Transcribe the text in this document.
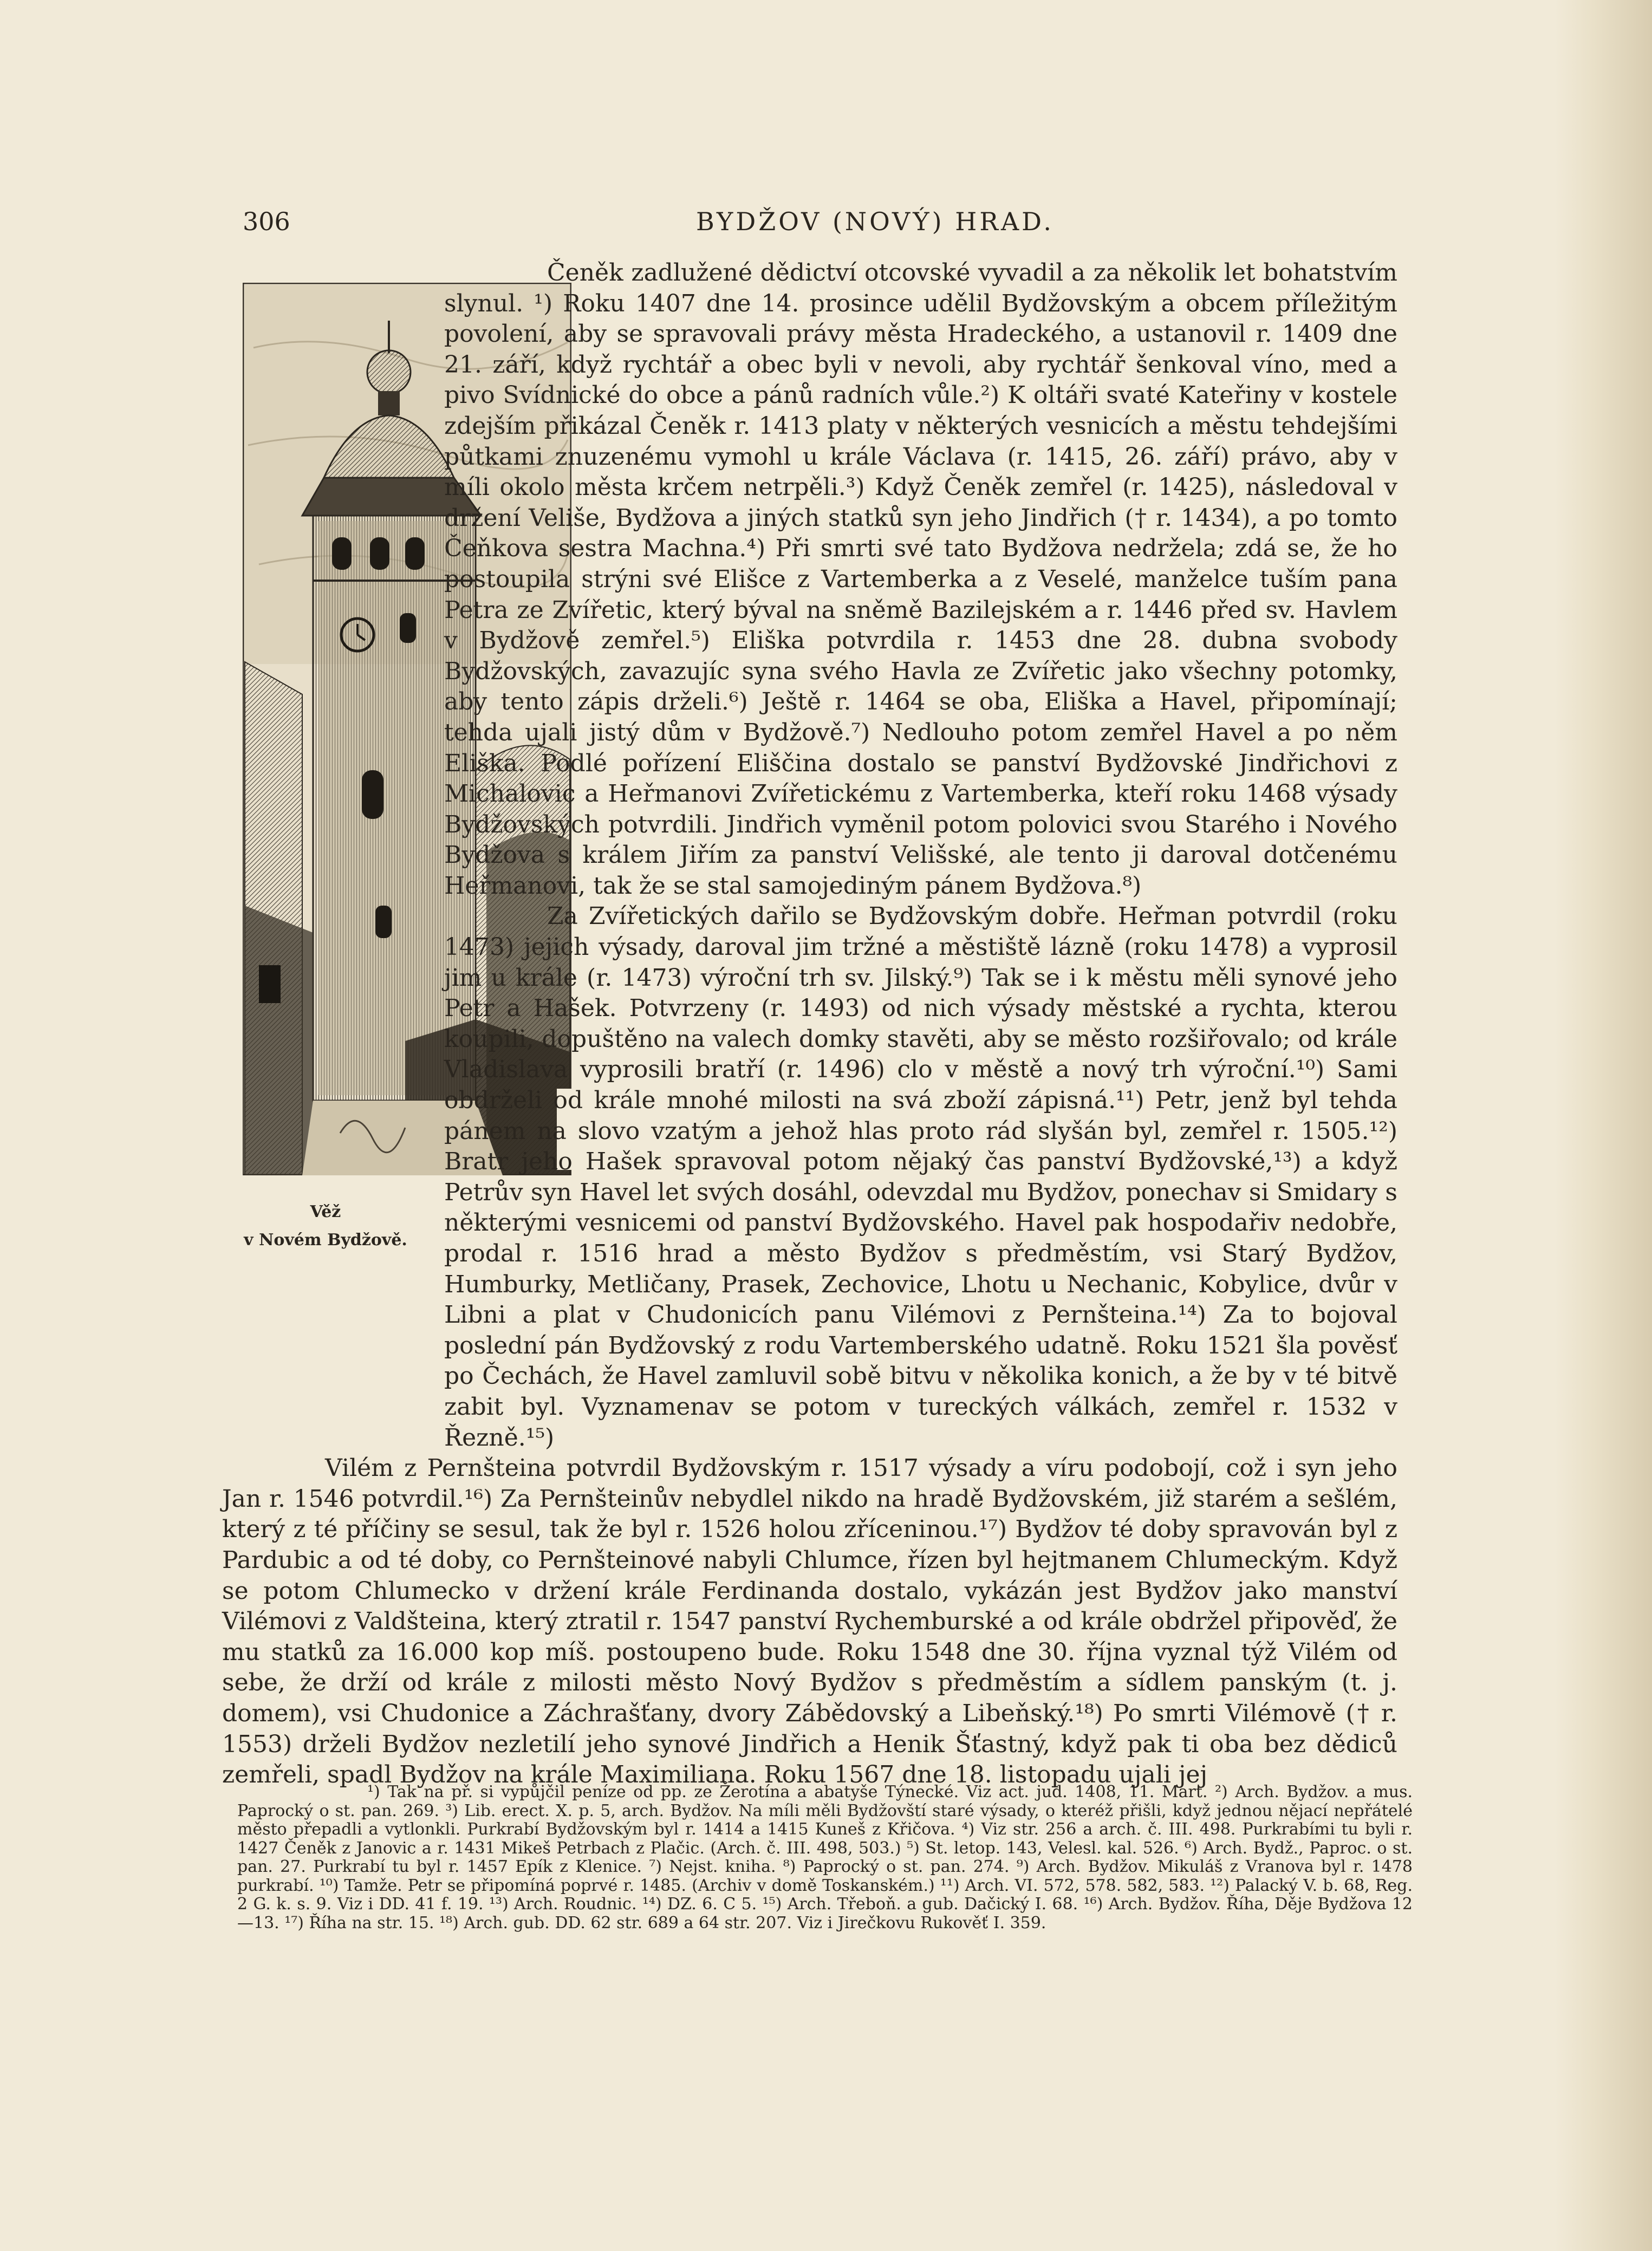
306	BYDŽOV (NOVÝ) HRAD.
Věž
v Novém Bydžově.

Čeněk zadlužené dědictví otcovské vyvadil a za několik let bohatstvím slynul. ¹) Roku 1407 dne 14. prosince udělil Bydžovským a obcem příležitým povolení, aby se spravovali právy města Hradeckého, a ustanovil r. 1409 dne 21. září, když rychtář a obec byli v nevoli, aby rychtář šenkoval víno, med a pivo Svídnické do obce a pánů radních vůle.²) K oltáři svaté Kateřiny v kostele zdejším přikázal Čeněk r. 1413 platy v některých vesnicích a městu tehdejšími půtkami znuzenému vymohl u krále Václava (r. 1415, 26. září) právo, aby v míli okolo města krčem netrpěli.³) Když Čeněk zemřel (r. 1425), následoval v držení Veliše, Bydžova a jiných statků syn jeho Jindřich († r. 1434), a po tomto Čeňkova sestra Machna.⁴) Při smrti své tato Bydžova nedržela; zdá se, že ho postoupila strýni své Elišce z Vartemberka a z Veselé, manželce tuším pana Petra ze Zvířetic, který býval na sněmě Bazilejském a r. 1446 před sv. Havlem v Bydžově zemřel.⁵) Eliška potvrdila r. 1453 dne 28. dubna svobody Bydžovských, zavazujíc syna svého Havla ze Zvířetic jako všechny potomky, aby tento zápis drželi.⁶) Ještě r. 1464 se oba, Eliška a Havel, připomínají; tehda ujali jistý dům v Bydžově.⁷) Nedlouho potom zemřel Havel a po něm Eliška. Podlé pořízení Eliščina dostalo se panství Bydžovské Jindřichovi z Michalovic a Heřmanovi Zvířetickému z Vartemberka, kteří roku 1468 výsady Bydžovských potvrdili. Jindřich vyměnil potom polovici svou Starého i Nového Bydžova s králem Jiřím za panství Velišské, ale tento ji daroval dotčenému Heřmanovi, tak že se stal samojediným pánem Bydžova.⁸)

Za Zvířetických dařilo se Bydžovským dobře. Heřman potvrdil (roku 1473) jejich výsady, daroval jim tržné a městiště lázně (roku 1478) a vyprosil jim u krále (r. 1473) výroční trh sv. Jilský.⁹) Tak se i k městu měli synové jeho Petr a Hašek. Potvrzeny (r. 1493) od nich výsady městské a rychta, kterou koupili, dopuštěno na valech domky stavěti, aby se město rozšiřovalo; od krále Vladislava vyprosili bratří (r. 1496) clo v městě a nový trh výroční.¹⁰) Sami obdrželi od krále mnohé milosti na svá zboží zápisná.¹¹) Petr, jenž byl tehda pánem na slovo vzatým a jehož hlas proto rád slyšán byl, zemřel r. 1505.¹²) Bratr jeho Hašek spravoval potom nějaký čas panství Bydžovské,¹³) a když Petrův syn Havel let svých dosáhl, odevzdal mu Bydžov, ponechav si Smidary s některými vesnicemi od panství Bydžovského. Havel pak hospodařiv nedobře, prodal r. 1516 hrad a město Bydžov s předměstím, vsi Starý Bydžov, Humburky, Metličany, Prasek, Zechovice, Lhotu u Nechanic, Kobylice, dvůr v Libni a plat v Chudonicích panu Vilémovi z Pernšteina.¹⁴) Za to bojoval poslední pán Bydžovský z rodu Vartemberského udatně. Roku 1521 šla pověsť po Čechách, že Havel zamluvil sobě bitvu v několika konich, a že by v té bitvě zabit byl. Vyznamenav se potom v tureckých válkách, zemřel r. 1532 v Řezně.¹⁵)

Vilém z Pernšteina potvrdil Bydžovským r. 1517 výsady a víru podobojí, což i syn jeho Jan r. 1546 potvrdil.¹⁶) Za Pernšteinův nebydlel nikdo na hradě Bydžovském, již starém a sešlém, který z té příčiny se sesul, tak že byl r. 1526 holou zříceninou.¹⁷) Bydžov té doby spravován byl z Pardubic a od té doby, co Pernšteinové nabyli Chlumce, řízen byl hejtmanem Chlumeckým. Když se potom Chlumecko v držení krále Ferdinanda dostalo, vykázán jest Bydžov jako manství Vilémovi z Valdšteina, který ztratil r. 1547 panství Rychemburské a od krále obdržel připověď, že mu statků za 16.000 kop míš. postoupeno bude. Roku 1548 dne 30. října vyznal týž Vilém od sebe, že drží od krále z milosti město Nový Bydžov s předměstím a sídlem panským (t. j. domem), vsi Chudonice a Záchrašťany, dvory Zábědovský a Libeňský.¹⁸) Po smrti Vilémově († r. 1553) drželi Bydžov nezletilí jeho synové Jindřich a Henik Šťastný, když pak ti oba bez dědiců zemřeli, spadl Bydžov na krále Maximiliana. Roku 1567 dne 18. listopadu ujali jej

¹) Tak na př. si vypůjčil peníze od pp. ze Žerotína a abatyše Týnecké. Viz act. jud. 1408, 11. Mart. ²) Arch. Bydžov. a mus. Paprocký o st. pan. 269. ³) Lib. erect. X. p. 5, arch. Bydžov. Na míli měli Bydžovští staré výsady, o kteréž přišli, když jednou nějací nepřátelé město přepadli a vytlonkli. Purkrabí Bydžovským byl r. 1414 a 1415 Kuneš z Křičova. ⁴) Viz str. 256 a arch. č. III. 498. Purkrabími tu byli r. 1427 Čeněk z Janovic a r. 1431 Mikeš Petrbach z Plačic. (Arch. č. III. 498, 503.) ⁵) St. letop. 143, Velesl. kal. 526. ⁶) Arch. Bydž., Paproc. o st. pan. 27. Purkrabí tu byl r. 1457 Epík z Klenice. ⁷) Nejst. kniha. ⁸) Paprocký o st. pan. 274. ⁹) Arch. Bydžov. Mikuláš z Vranova byl r. 1478 purkrabí. ¹⁰) Tamže. Petr se připomíná poprvé r. 1485. (Archiv v domě Toskanském.) ¹¹) Arch. VI. 572, 578. 582, 583. ¹²) Palacký V. b. 68, Reg. 2 G. k. s. 9. Viz i DD. 41 f. 19. ¹³) Arch. Roudnic. ¹⁴) DZ. 6. C 5. ¹⁵) Arch. Třeboň. a gub. Dačický I. 68. ¹⁶) Arch. Bydžov. Říha, Děje Bydžova 12—13. ¹⁷) Říha na str. 15. ¹⁸) Arch. gub. DD. 62 str. 689 a 64 str. 207. Viz i Jirečkovu Rukověť I. 359.
